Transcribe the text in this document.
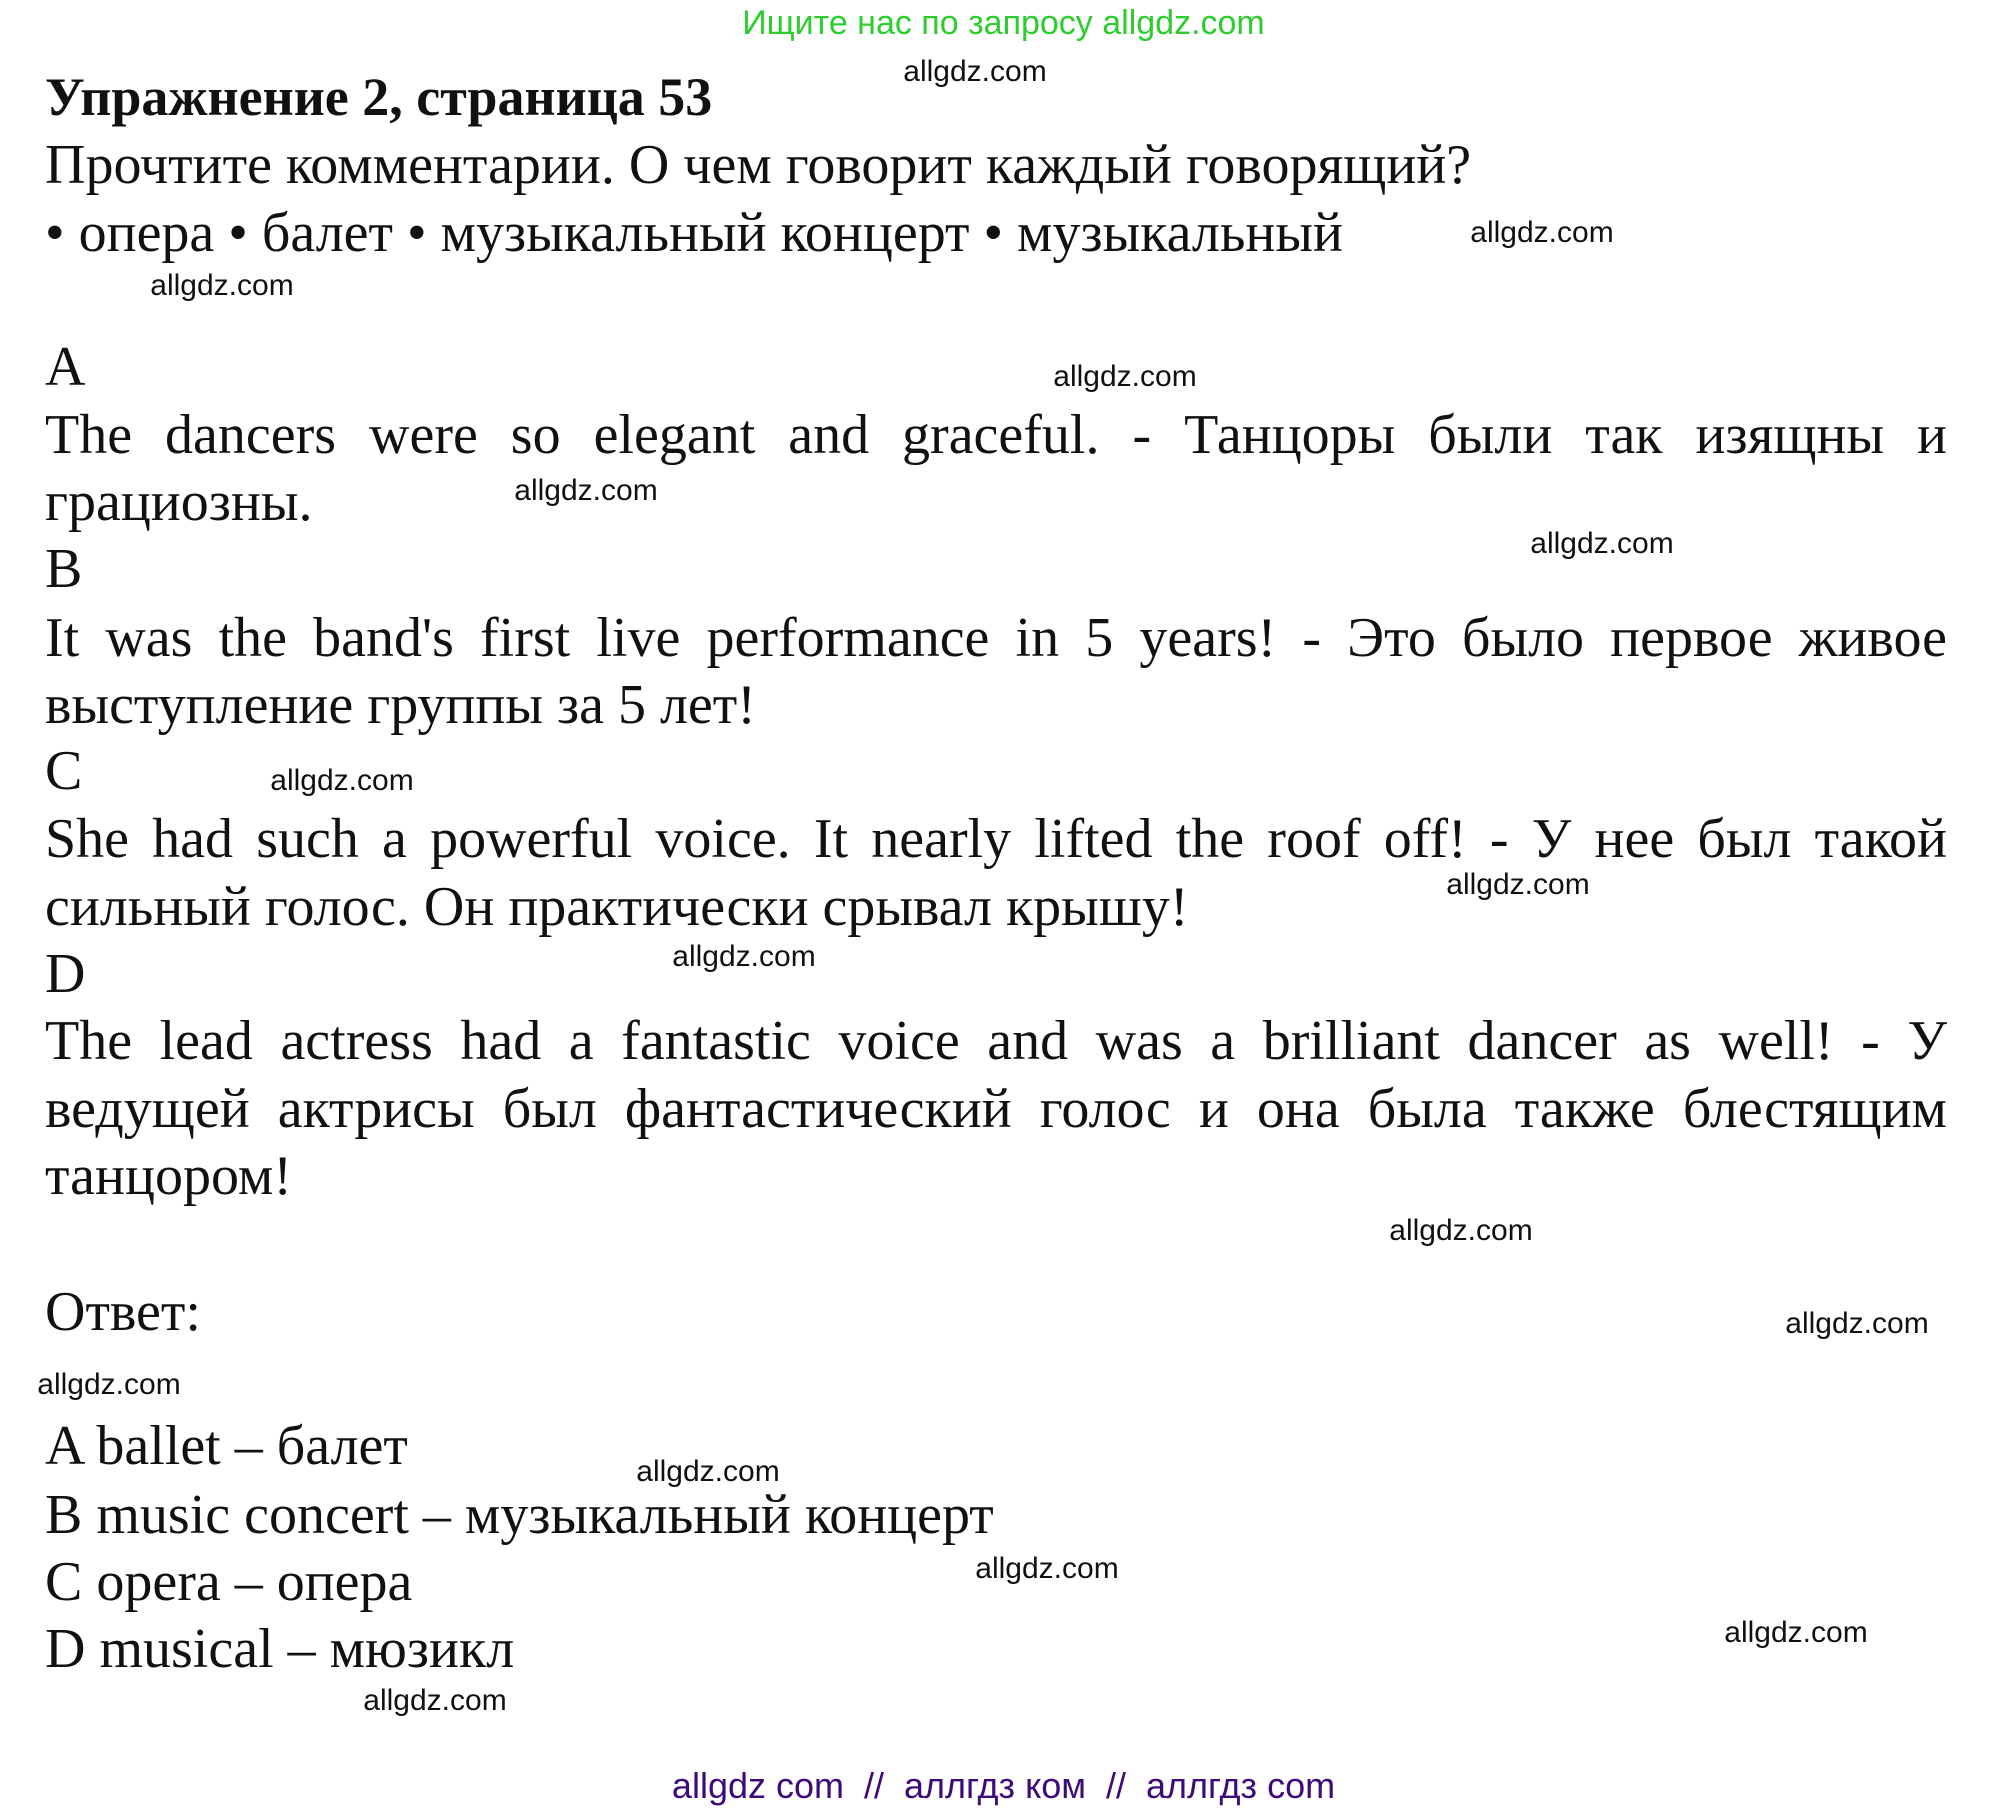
Ищите нас по запросу allgdz.com
Упражнение 2, страница 53
Прочтите комментарии. О чем говорит каждый говорящий?
• опера • балет • музыкальный концерт • музыкальный
A
The dancers were so elegant and graceful. - Танцоры были так изящны и
грациозны.
B
It was the band's first live performance in 5 years! - Это было первое живое
выступление группы за 5 лет!
C
She had such a powerful voice. It nearly lifted the roof off! - У нее был такой
сильный голос. Он практически срывал крышу!
D
The lead actress had a fantastic voice and was a brilliant dancer as well! - У
ведущей актрисы был фантастический голос и она была также блестящим
танцором!
Ответ:
A ballet – балет
B music concert – музыкальный концерт
C opera – опера
D musical – мюзикл
allgdz.com
allgdz.com
allgdz.com
allgdz.com
allgdz.com
allgdz.com
allgdz.com
allgdz.com
allgdz.com
allgdz.com
allgdz.com
allgdz.com
allgdz.com
allgdz.com
allgdz.com
allgdz.com
allgdz com  //  аллгдз ком  //  аллгдз com
